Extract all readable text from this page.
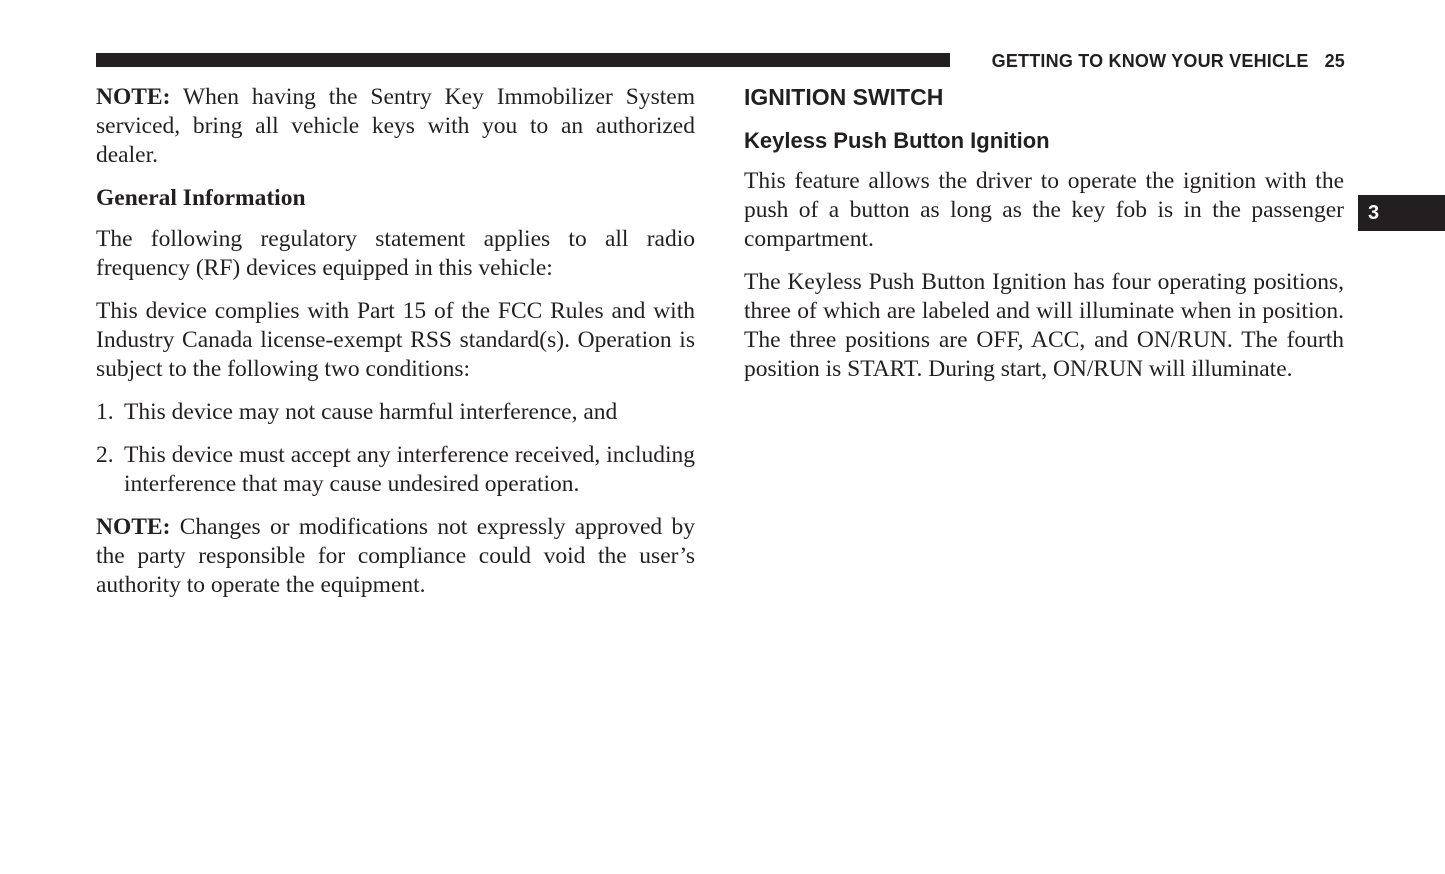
GETTING TO KNOW YOUR VEHICLE 25
3

NOTE: When having the Sentry Key Immobilizer System serviced, bring all vehicle keys with you to an authorized dealer.

General Information

The following regulatory statement applies to all radio frequency (RF) devices equipped in this vehicle:

This device complies with Part 15 of the FCC Rules and with Industry Canada license-exempt RSS standard(s). Operation is subject to the following two conditions:

1. This device may not cause harmful interference, and
2. This device must accept any interference received, including interference that may cause undesired operation.

NOTE: Changes or modifications not expressly approved by the party responsible for compliance could void the user’s authority to operate the equipment.

IGNITION SWITCH
Keyless Push Button Ignition

This feature allows the driver to operate the ignition with the push of a button as long as the key fob is in the passenger compartment.

The Keyless Push Button Ignition has four operating positions, three of which are labeled and will illuminate when in position. The three positions are OFF, ACC, and ON/RUN. The fourth position is START. During start, ON/RUN will illuminate.
